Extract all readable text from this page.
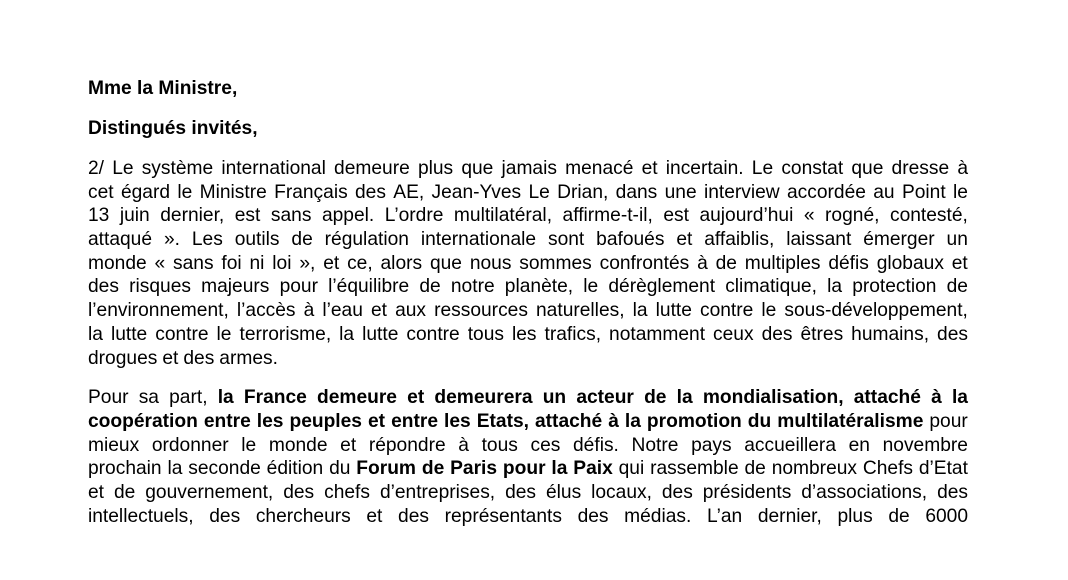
Mme la Ministre,
Distingués invités,
2/ Le système international demeure plus que jamais menacé et incertain. Le constat que dresse à
cet égard le Ministre Français des AE, Jean-Yves Le Drian, dans une interview accordée au Point le
13 juin dernier, est sans appel. L’ordre multilatéral, affirme-t-il, est aujourd’hui « rogné, contesté,
attaqué ». Les outils de régulation internationale sont bafoués et affaiblis, laissant émerger un
monde « sans foi ni loi », et ce, alors que nous sommes confrontés à de multiples défis globaux et
des risques majeurs pour l’équilibre de notre planète, le dérèglement climatique, la protection de
l’environnement, l’accès à l’eau et aux ressources naturelles, la lutte contre le sous-développement,
la lutte contre le terrorisme, la lutte contre tous les trafics, notamment ceux des êtres humains, des
drogues et des armes.
Pour sa part, la France demeure et demeurera un acteur de la mondialisation, attaché à la
coopération entre les peuples et entre les Etats, attaché à la promotion du multilatéralisme pour
mieux ordonner le monde et répondre à tous ces défis. Notre pays accueillera en novembre
prochain la seconde édition du Forum de Paris pour la Paix qui rassemble de nombreux Chefs d’Etat
et de gouvernement, des chefs d’entreprises, des élus locaux, des présidents d’associations, des
intellectuels, des chercheurs et des représentants des médias. L’an dernier, plus de 6000
